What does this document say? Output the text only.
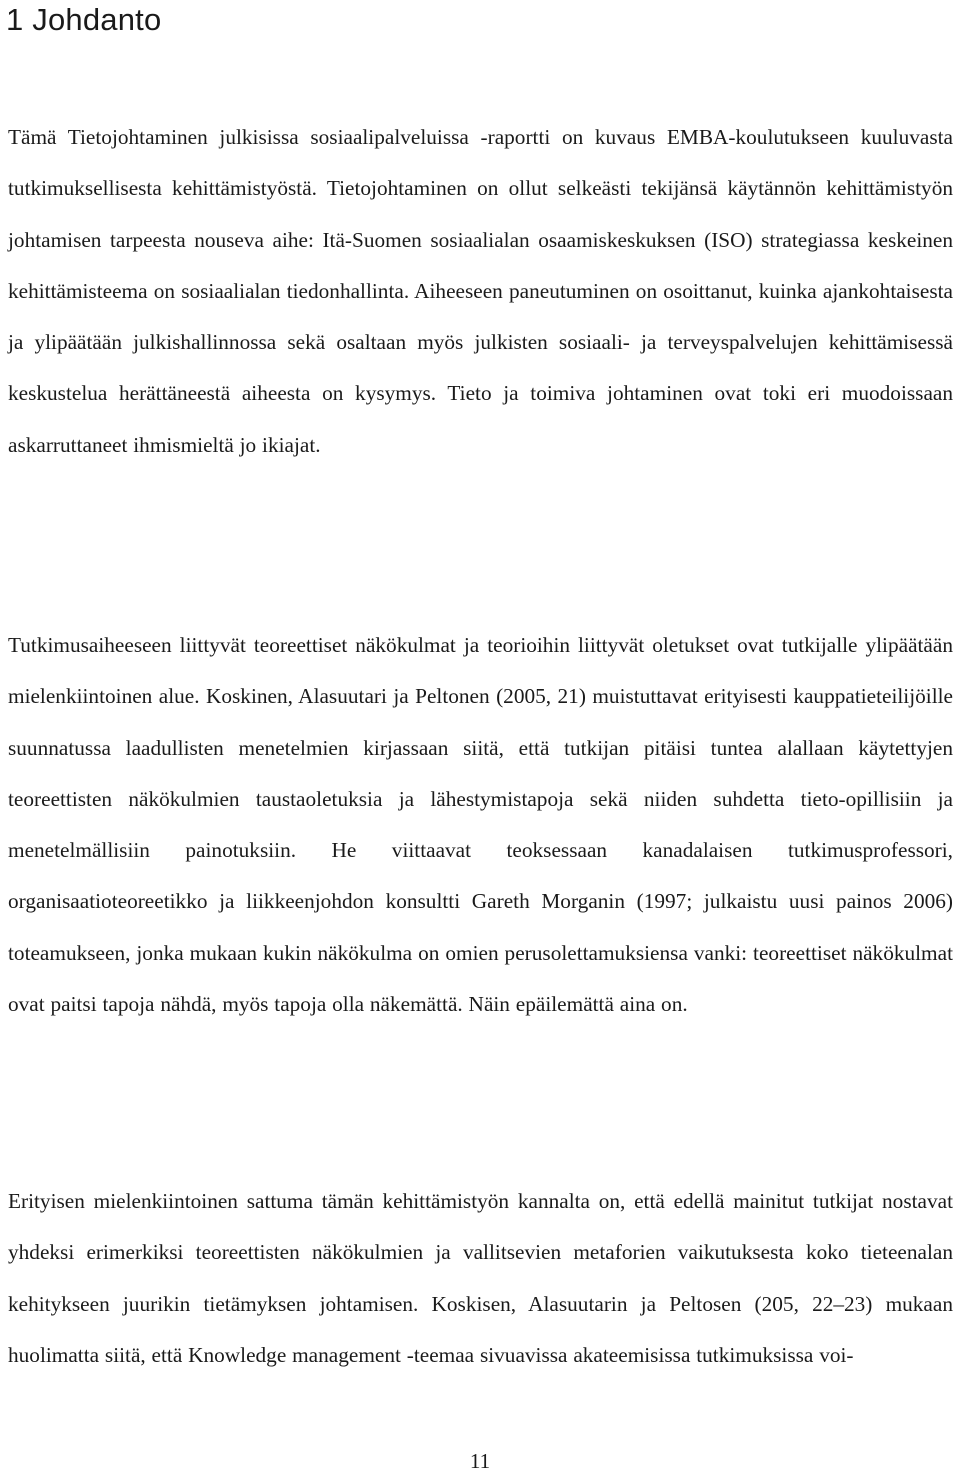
1 Johdanto

Tämä Tietojohtaminen julkisissa sosiaalipalveluissa -raportti on kuvaus EMBA-koulutukseen kuuluvasta tutkimuksellisesta kehittämistyöstä. Tietojohtaminen on ollut selkeästi tekijänsä käytännön kehittämistyön johtamisen tarpeesta nouseva aihe: Itä-Suomen sosiaalialan osaamiskeskuksen (ISO) strategiassa keskeinen kehittämisteema on sosiaalialan tiedonhallinta. Aiheeseen paneutuminen on osoittanut, kuinka ajankohtaisesta ja ylipäätään julkishallinnossa sekä osaltaan myös julkisten sosiaali- ja terveyspalvelujen kehittämisessä keskustelua herättäneestä aiheesta on kysymys. Tieto ja toimiva johtaminen ovat toki eri muodoissaan askarruttaneet ihmismieltä jo ikiajat.

Tutkimusaiheeseen liittyvät teoreettiset näkökulmat ja teorioihin liittyvät oletukset ovat tutkijalle ylipäätään mielenkiintoinen alue. Koskinen, Alasuutari ja Peltonen (2005, 21) muistuttavat erityisesti kauppatieteilijöille suunnatussa laadullisten menetelmien kirjassaan siitä, että tutkijan pitäisi tuntea alallaan käytettyjen teoreettisten näkökulmien taustaoletuksia ja lähestymistapoja sekä niiden suhdetta tieto-opillisiin ja menetelmällisiin painotuksiin. He viittaavat teoksessaan kanadalaisen tutkimusprofessori, organisaatioteoreetikko ja liikkeenjohdon konsultti Gareth Morganin (1997; julkaistu uusi painos 2006) toteamukseen, jonka mukaan kukin näkökulma on omien perusolettamuksiensa vanki: teoreettiset näkökulmat ovat paitsi tapoja nähdä, myös tapoja olla näkemättä. Näin epäilemättä aina on.

Erityisen mielenkiintoinen sattuma tämän kehittämistyön kannalta on, että edellä mainitut tutkijat nostavat yhdeksi erimerkiksi teoreettisten näkökulmien ja vallitsevien metaforien vaikutuksesta koko tieteenalan kehitykseen juurikin tietämyksen johtamisen. Koskisen, Alasuutarin ja Peltosen (205, 22–23) mukaan huolimatta siitä, että Knowledge management -teemaa sivuavissa akateemisissa tutkimuksissa voi-

11
